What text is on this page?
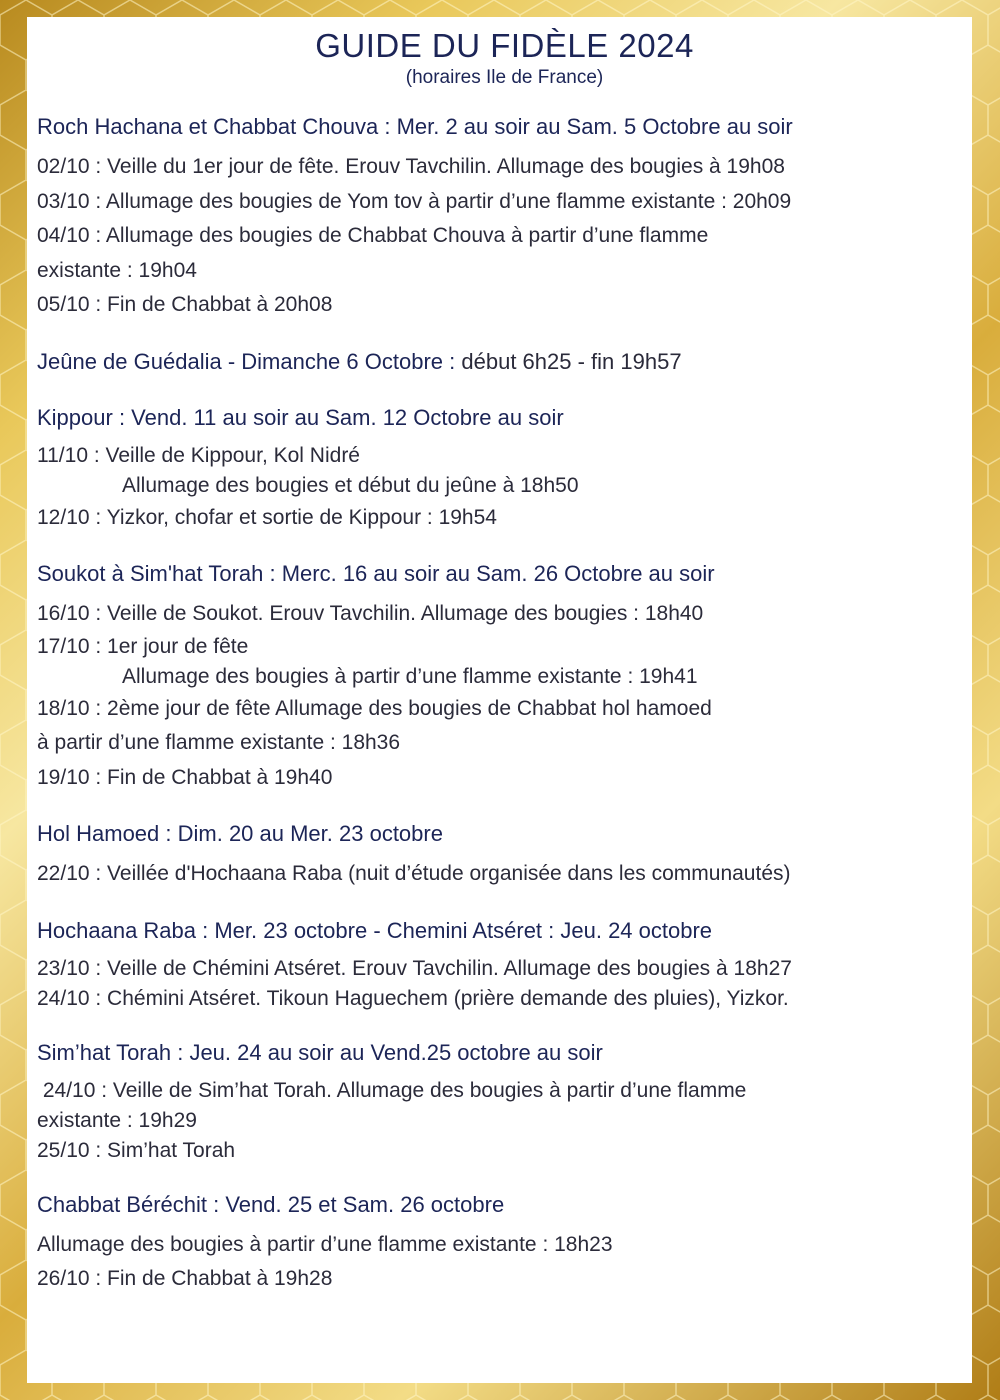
GUIDE DU FIDÈLE 2024
(horaires Ile de France)
Roch Hachana et Chabbat Chouva : Mer. 2 au soir au Sam. 5 Octobre au soir
02/10 : Veille du 1er jour de fête. Erouv Tavchilin. Allumage des bougies à 19h08
03/10 : Allumage des bougies de Yom tov à partir d’une flamme existante : 20h09
04/10 : Allumage des bougies de Chabbat Chouva à partir d’une flamme
existante : 19h04
05/10 : Fin de Chabbat à 20h08
Jeûne de Guédalia - Dimanche 6 Octobre : début 6h25 - fin 19h57
Kippour : Vend. 11 au soir au Sam. 12 Octobre au soir
11/10 : Veille de Kippour, Kol Nidré
Allumage des bougies et début du jeûne à 18h50
12/10 : Yizkor, chofar et sortie de Kippour : 19h54
Soukot à Sim'hat Torah : Merc. 16 au soir au Sam. 26 Octobre au soir
16/10 : Veille de Soukot. Erouv Tavchilin. Allumage des bougies : 18h40
17/10 : 1er jour de fête
Allumage des bougies à partir d’une flamme existante : 19h41
18/10 : 2ème jour de fête Allumage des bougies de Chabbat hol hamoed
à partir d’une flamme existante : 18h36
19/10 : Fin de Chabbat à 19h40
Hol Hamoed : Dim. 20 au Mer. 23 octobre
22/10 : Veillée d'Hochaana Raba (nuit d’étude organisée dans les communautés)
Hochaana Raba : Mer. 23 octobre - Chemini Atséret : Jeu. 24 octobre
23/10 : Veille de Chémini Atséret. Erouv Tavchilin. Allumage des bougies à 18h27
24/10 : Chémini Atséret. Tikoun Haguechem (prière demande des pluies), Yizkor.
Sim’hat Torah : Jeu. 24 au soir au Vend.25 octobre au soir
24/10 : Veille de Sim’hat Torah. Allumage des bougies à partir d’une flamme
existante : 19h29
25/10 : Sim’hat Torah
Chabbat Béréchit : Vend. 25 et Sam. 26 octobre
Allumage des bougies à partir d’une flamme existante : 18h23
26/10 : Fin de Chabbat à 19h28
